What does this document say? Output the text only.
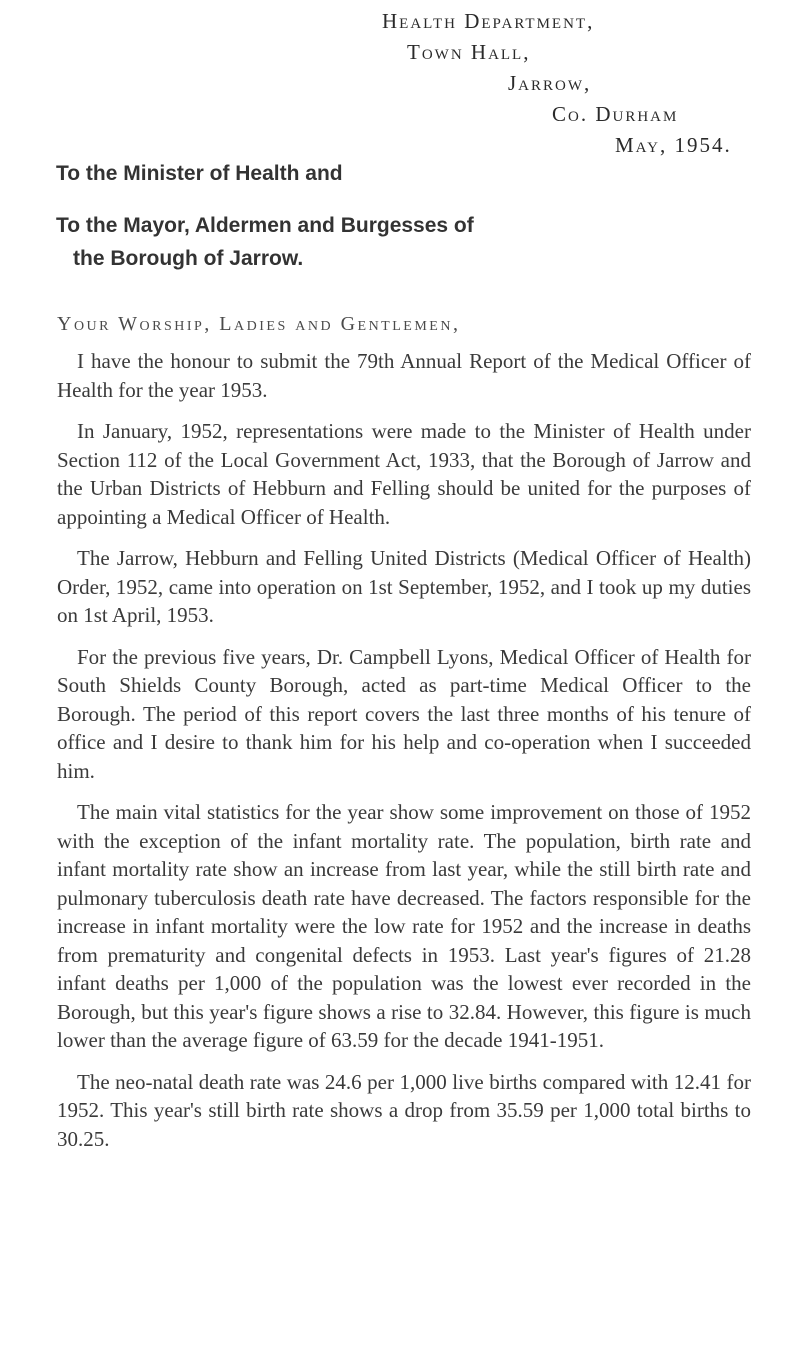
Health Department,
Town Hall,
Jarrow,
Co. Durham
May, 1954.
To the Minister of Health and
To the Mayor, Aldermen and Burgesses of
the Borough of Jarrow.
Your Worship, Ladies and Gentlemen,

I have the honour to submit the 79th Annual Report of the Medical Officer of Health for the year 1953.

In January, 1952, representations were made to the Minister of Health under Section 112 of the Local Government Act, 1933, that the Borough of Jarrow and the Urban Districts of Hebburn and Felling should be united for the purposes of appointing a Medical Officer of Health.

The Jarrow, Hebburn and Felling United Districts (Medical Officer of Health) Order, 1952, came into operation on 1st September, 1952, and I took up my duties on 1st April, 1953.

For the previous five years, Dr. Campbell Lyons, Medical Officer of Health for South Shields County Borough, acted as part-time Medical Officer to the Borough. The period of this report covers the last three months of his tenure of office and I desire to thank him for his help and co-operation when I succeeded him.

The main vital statistics for the year show some improvement on those of 1952 with the exception of the infant mortality rate. The population, birth rate and infant mortality rate show an increase from last year, while the still birth rate and pulmonary tuberculosis death rate have decreased. The factors responsible for the increase in infant mortality were the low rate for 1952 and the increase in deaths from prematurity and congenital defects in 1953. Last year's figures of 21.28 infant deaths per 1,000 of the population was the lowest ever recorded in the Borough, but this year's figure shows a rise to 32.84. However, this figure is much lower than the average figure of 63.59 for the decade 1941-1951.

The neo-natal death rate was 24.6 per 1,000 live births compared with 12.41 for 1952. This year's still birth rate shows a drop from 35.59 per 1,000 total births to 30.25.
